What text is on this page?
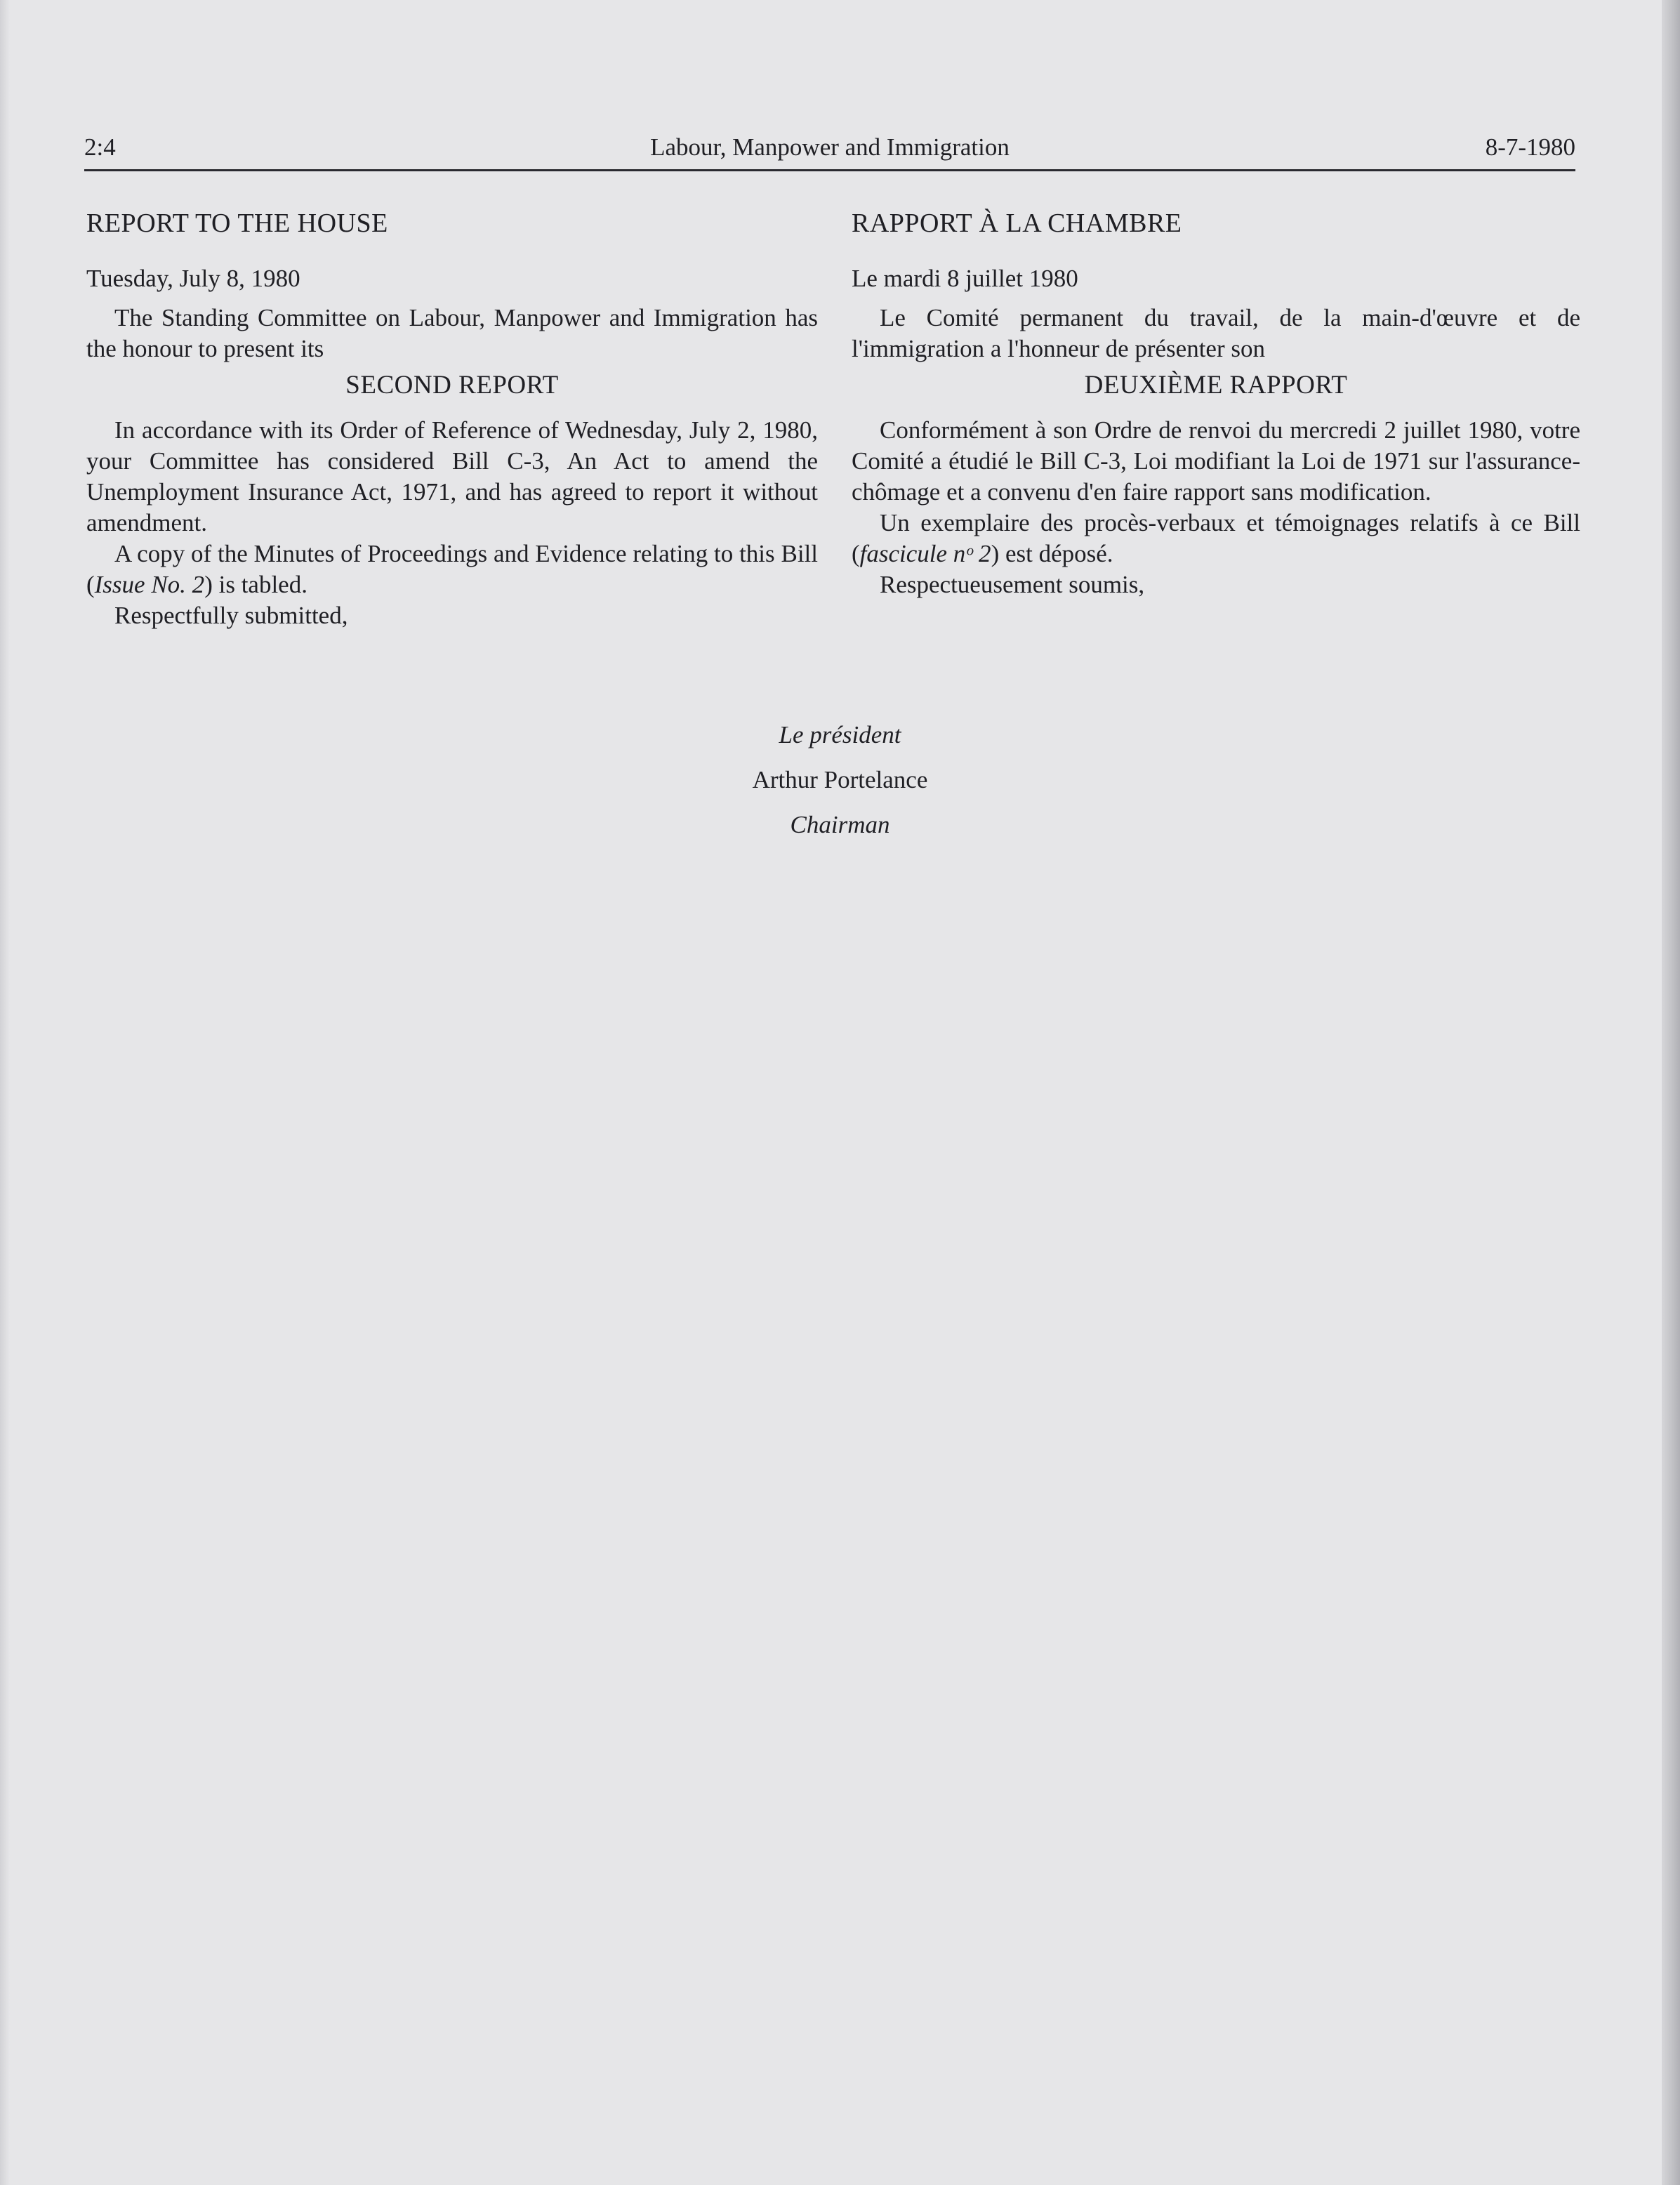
2:4	Labour, Manpower and Immigration	8-7-1980

REPORT TO THE HOUSE

Tuesday, July 8, 1980

The Standing Committee on Labour, Manpower and Immigration has the honour to present its

SECOND REPORT

In accordance with its Order of Reference of Wednesday, July 2, 1980, your Committee has considered Bill C-3, An Act to amend the Unemployment Insurance Act, 1971, and has agreed to report it without amendment.

A copy of the Minutes of Proceedings and Evidence relating to this Bill (Issue No. 2) is tabled.

Respectfully submitted,

RAPPORT À LA CHAMBRE

Le mardi 8 juillet 1980

Le Comité permanent du travail, de la main-d'œuvre et de l'immigration a l'honneur de présenter son

DEUXIÈME RAPPORT

Conformément à son Ordre de renvoi du mercredi 2 juillet 1980, votre Comité a étudié le Bill C-3, Loi modifiant la Loi de 1971 sur l'assurance-chômage et a convenu d'en faire rapport sans modification.

Un exemplaire des procès-verbaux et témoignages relatifs à ce Bill (fascicule nᵒ 2) est déposé.

Respectueusement soumis,

Le président
Arthur Portelance
Chairman
